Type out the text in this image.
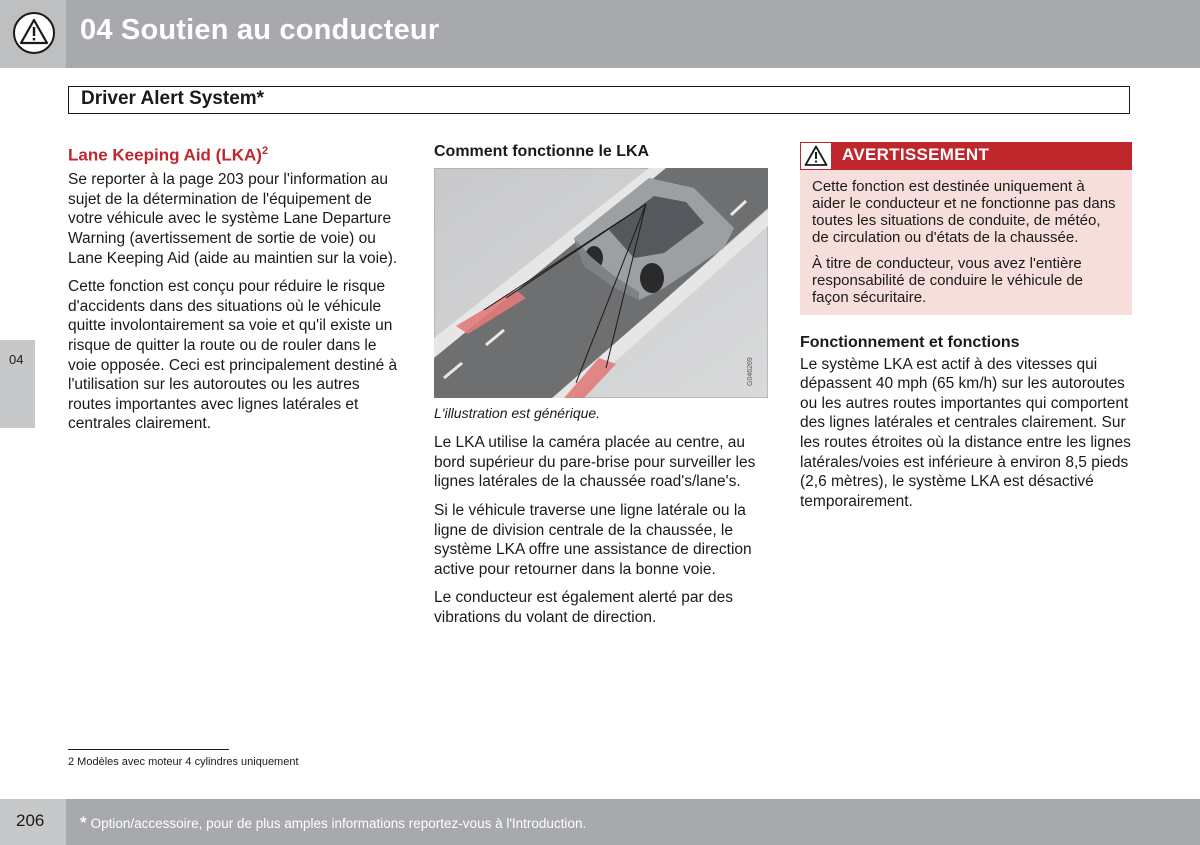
04 Soutien au conducteur
Driver Alert System*
04
Lane Keeping Aid (LKA)$^2$

Se reporter à la page 203 pour l'information au sujet de la détermination de l'équipement de votre véhicule avec le système Lane Departure Warning (avertissement de sortie de voie) ou Lane Keeping Aid (aide au maintien sur la voie).

Cette fonction est conçu pour réduire le risque d'accidents dans des situations où le véhicule quitte involontairement sa voie et qu'il existe un risque de quitter la route ou de rouler dans le voie opposée. Ceci est principalement destiné à l'utilisation sur les autoroutes ou les autres routes importantes avec lignes latérales et centrales clairement.

Comment fonctionne le LKA
G046269
L'illustration est générique.

Le LKA utilise la caméra placée au centre, au bord supérieur du pare-brise pour surveiller les lignes latérales de la chaussée road's/lane's.

Si le véhicule traverse une ligne latérale ou la ligne de division centrale de la chaussée, le système LKA offre une assistance de direction active pour retourner dans la bonne voie.

Le conducteur est également alerté par des vibrations du volant de direction.

AVERTISSEMENT

Cette fonction est destinée uniquement à aider le conducteur et ne fonctionne pas dans toutes les situations de conduite, de météo, de circulation ou d'états de la chaussée.

À titre de conducteur, vous avez l'entière responsabilité de conduire le véhicule de façon sécuritaire.

Fonctionnement et fonctions

Le système LKA est actif à des vitesses qui dépassent 40 mph (65 km/h) sur les autoroutes ou les autres routes importantes qui comportent des lignes latérales et centrales clairement. Sur les routes étroites où la distance entre les lignes latérales/voies est inférieure à environ 8,5 pieds (2,6 mètres), le système LKA est désactivé temporairement.

2 Modèles avec moteur 4 cylindres uniquement
206 * Option/accessoire, pour de plus amples informations reportez-vous à l'Introduction.
